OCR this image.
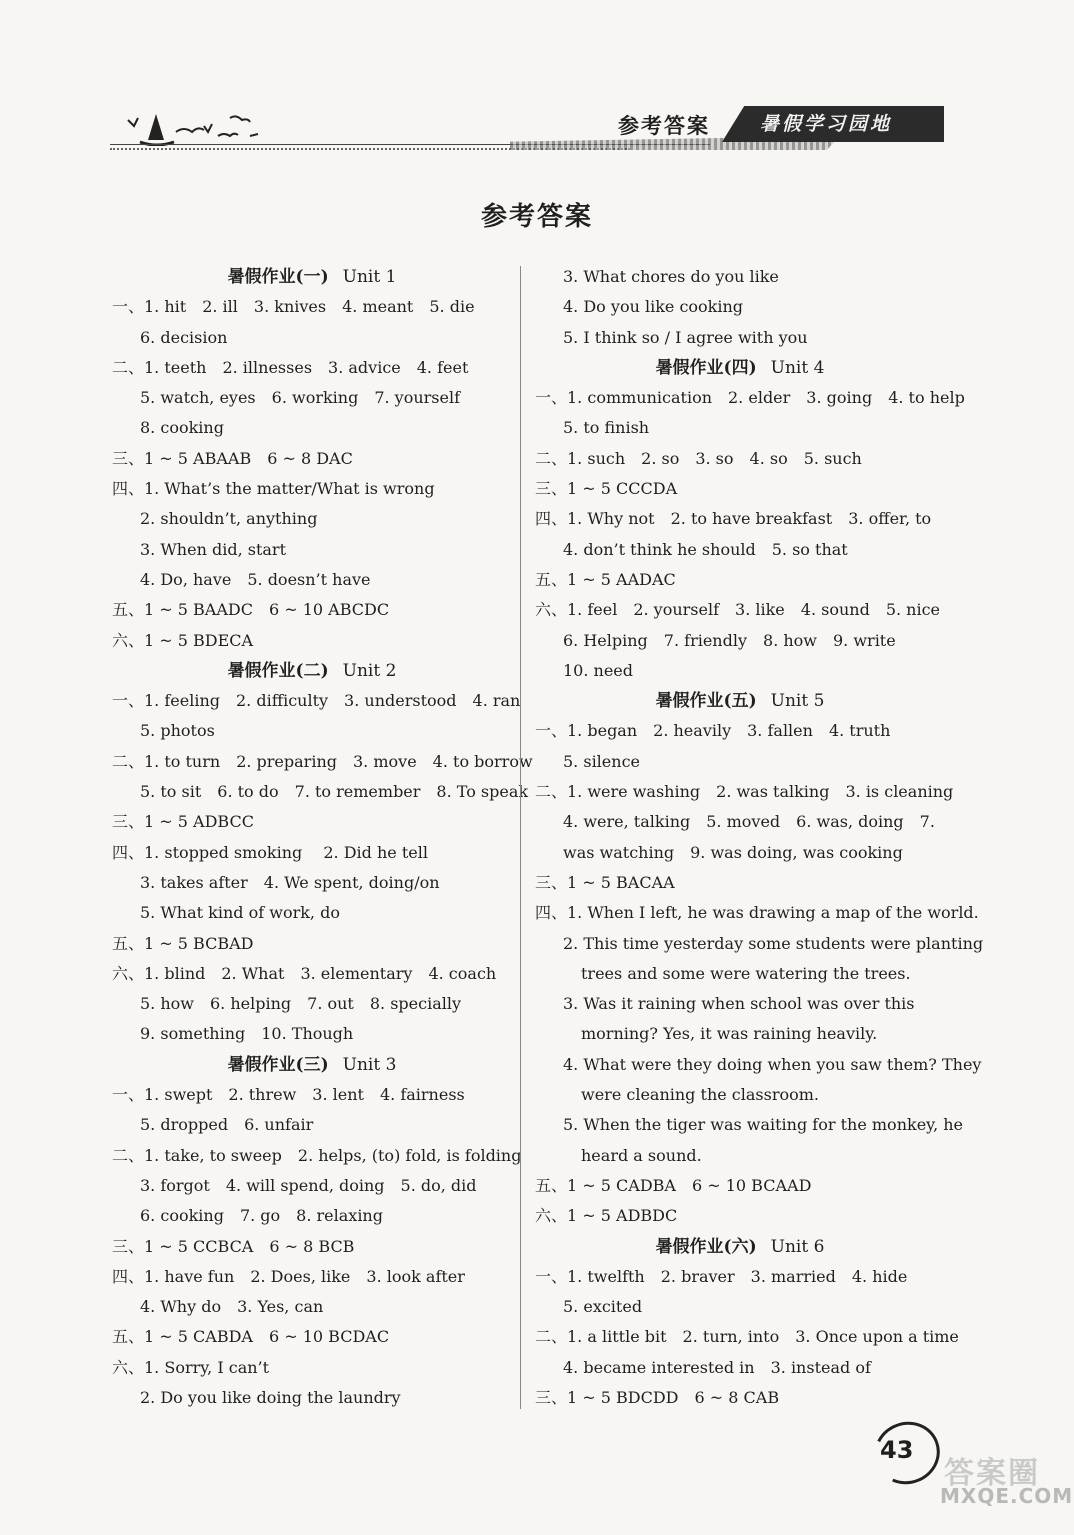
参考答案	暑假学习园地
参考答案
暑假作业(一) Unit 1
一、1. hit　2. ill　3. knives　4. meant　5. die
6. decision
二、1. teeth　2. illnesses　3. advice　4. feet
5. watch, eyes　6. working　7. yourself
8. cooking
三、1 ~ 5 ABAAB　6 ~ 8 DAC
四、1. What’s the matter/What is wrong
2. shouldn’t, anything
3. When did, start
4. Do, have　5. doesn’t have
五、1 ~ 5 BAADC　6 ~ 10 ABCDC
六、1 ~ 5 BDECA
暑假作业(二) Unit 2
一、1. feeling　2. difficulty　3. understood　4. ran
5. photos
二、1. to turn　2. preparing　3. move　4. to borrow
5. to sit　6. to do　7. to remember　8. To speak
三、1 ~ 5 ADBCC
四、1. stopped smoking　 2. Did he tell
3. takes after　4. We spent, doing/on
5. What kind of work, do
五、1 ~ 5 BCBAD
六、1. blind　2. What　3. elementary　4. coach
5. how　6. helping　7. out　8. specially
9. something　10. Though
暑假作业(三) Unit 3
一、1. swept　2. threw　3. lent　4. fairness
5. dropped　6. unfair
二、1. take, to sweep　2. helps, (to) fold, is folding
3. forgot　4. will spend, doing　5. do, did
6. cooking　7. go　8. relaxing
三、1 ~ 5 CCBCA　6 ~ 8 BCB
四、1. have fun　2. Does, like　3. look after
4. Why do　3. Yes, can
五、1 ~ 5 CABDA　6 ~ 10 BCDAC
六、1. Sorry, I can’t
2. Do you like doing the laundry
3. What chores do you like
4. Do you like cooking
5. I think so / I agree with you
暑假作业(四) Unit 4
一、1. communication　2. elder　3. going　4. to help
5. to finish
二、1. such　2. so　3. so　4. so　5. such
三、1 ~ 5 CCCDA
四、1. Why not　2. to have breakfast　3. offer, to
4. don’t think he should　5. so that
五、1 ~ 5 AADAC
六、1. feel　2. yourself　3. like　4. sound　5. nice
6. Helping　7. friendly　8. how　9. write
10. need
暑假作业(五) Unit 5
一、1. began　2. heavily　3. fallen　4. truth
5. silence
二、1. were washing　2. was talking　3. is cleaning
4. were, talking　5. moved　6. was, doing　7.
was watching　9. was doing, was cooking
三、1 ~ 5 BACAA
四、1. When I left, he was drawing a map of the world.
2. This time yesterday some students were planting
trees and some were watering the trees.
3. Was it raining when school was over this
morning? Yes, it was raining heavily.
4. What were they doing when you saw them? They
were cleaning the classroom.
5. When the tiger was waiting for the monkey, he
heard a sound.
五、1 ~ 5 CADBA　6 ~ 10 BCAAD
六、1 ~ 5 ADBDC
暑假作业(六) Unit 6
一、1. twelfth　2. braver　3. married　4. hide
5. excited
二、1. a little bit　2. turn, into　3. Once upon a time
4. became interested in　3. instead of
三、1 ~ 5 BDCDD　6 ~ 8 CAB
43
答案圈
MXQE.COM
